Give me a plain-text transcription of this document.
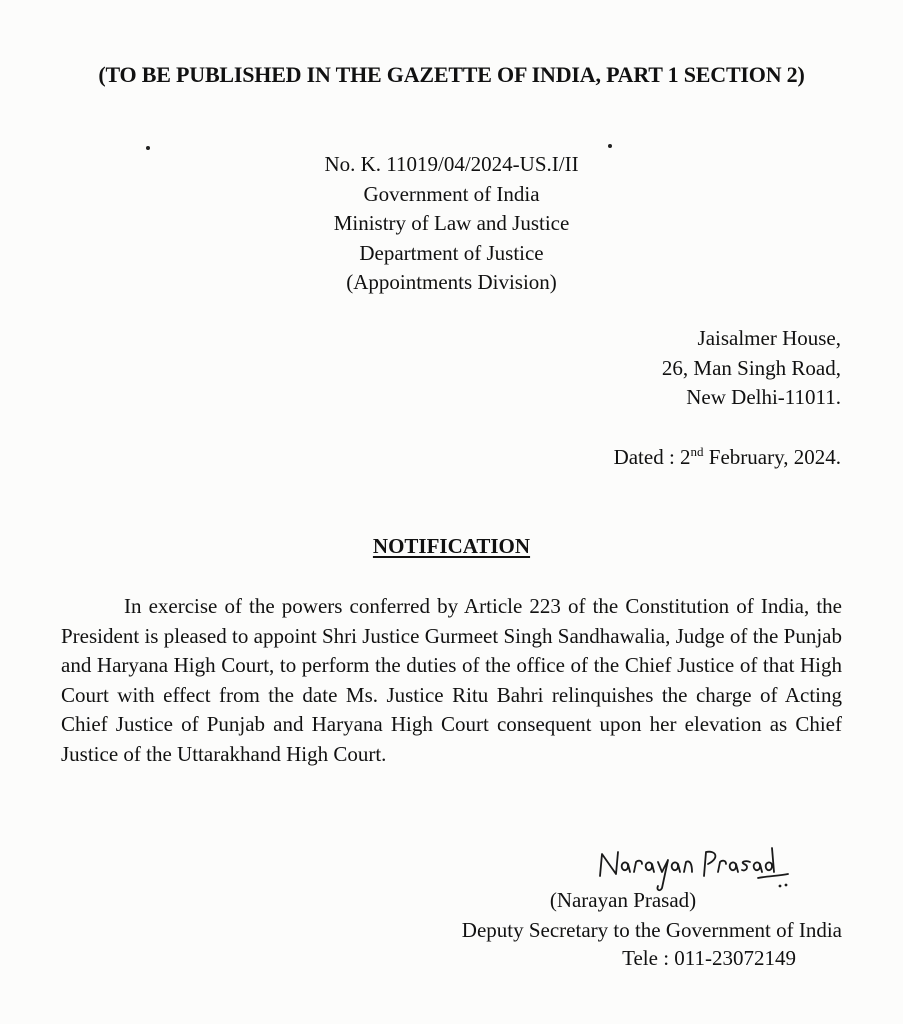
(TO BE PUBLISHED IN THE GAZETTE OF INDIA, PART 1 SECTION 2)
No. K. 11019/04/2024-US.I/II
Government of India
Ministry of Law and Justice
Department of Justice
(Appointments Division)
Jaisalmer House,
26, Man Singh Road,
New Delhi-11011.
Dated : 2nd February, 2024.
NOTIFICATION

In exercise of the powers conferred by Article 223 of the Constitution of India, the President is pleased to appoint Shri Justice Gurmeet Singh Sandhawalia, Judge of the Punjab and Haryana High Court, to perform the duties of the office of the Chief Justice of that High Court with effect from the date Ms. Justice Ritu Bahri relinquishes the charge of Acting Chief Justice of Punjab and Haryana High Court consequent upon her elevation as Chief Justice of the Uttarakhand High Court.

(Narayan Prasad)
Deputy Secretary to the Government of India
Tele : 011-23072149
